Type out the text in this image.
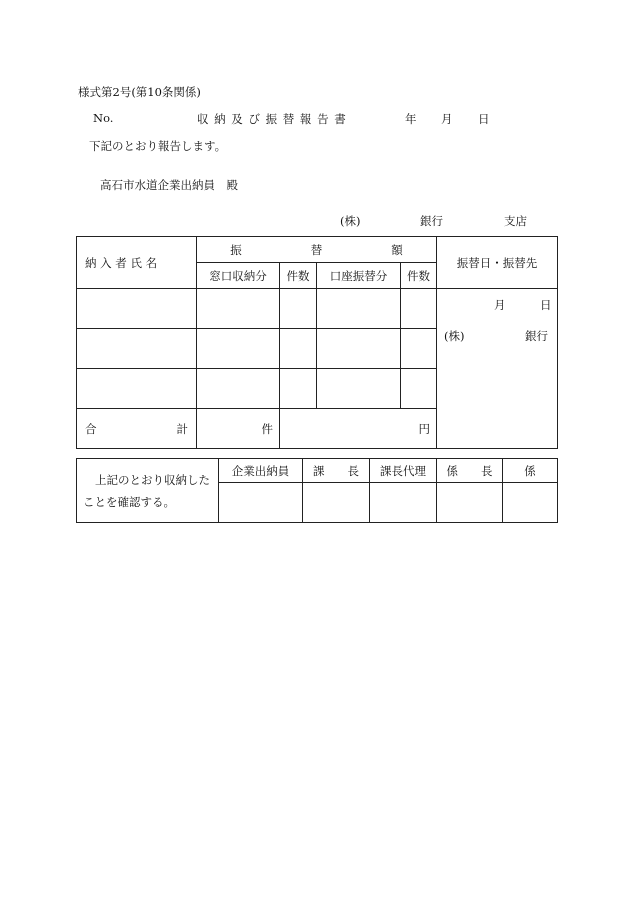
様式第2号(第10条関係)
No.	収 納 及 び 振 替 報 告 書	年 月 日
下記のとおり報告します。
高石市水道企業出納員　殿
(株)	銀行	支店
納 入 者 氏 名	振　　　　　　替　　　　　　額				振替日・振替先
	窓口収納分	件数	口座振替分	件数	

					月 日
(株) 銀行

合 計	件	円			
上記のとおり収納した
ことを確認する。	企業出納員	課　　長	課長代理	係　　長	係
